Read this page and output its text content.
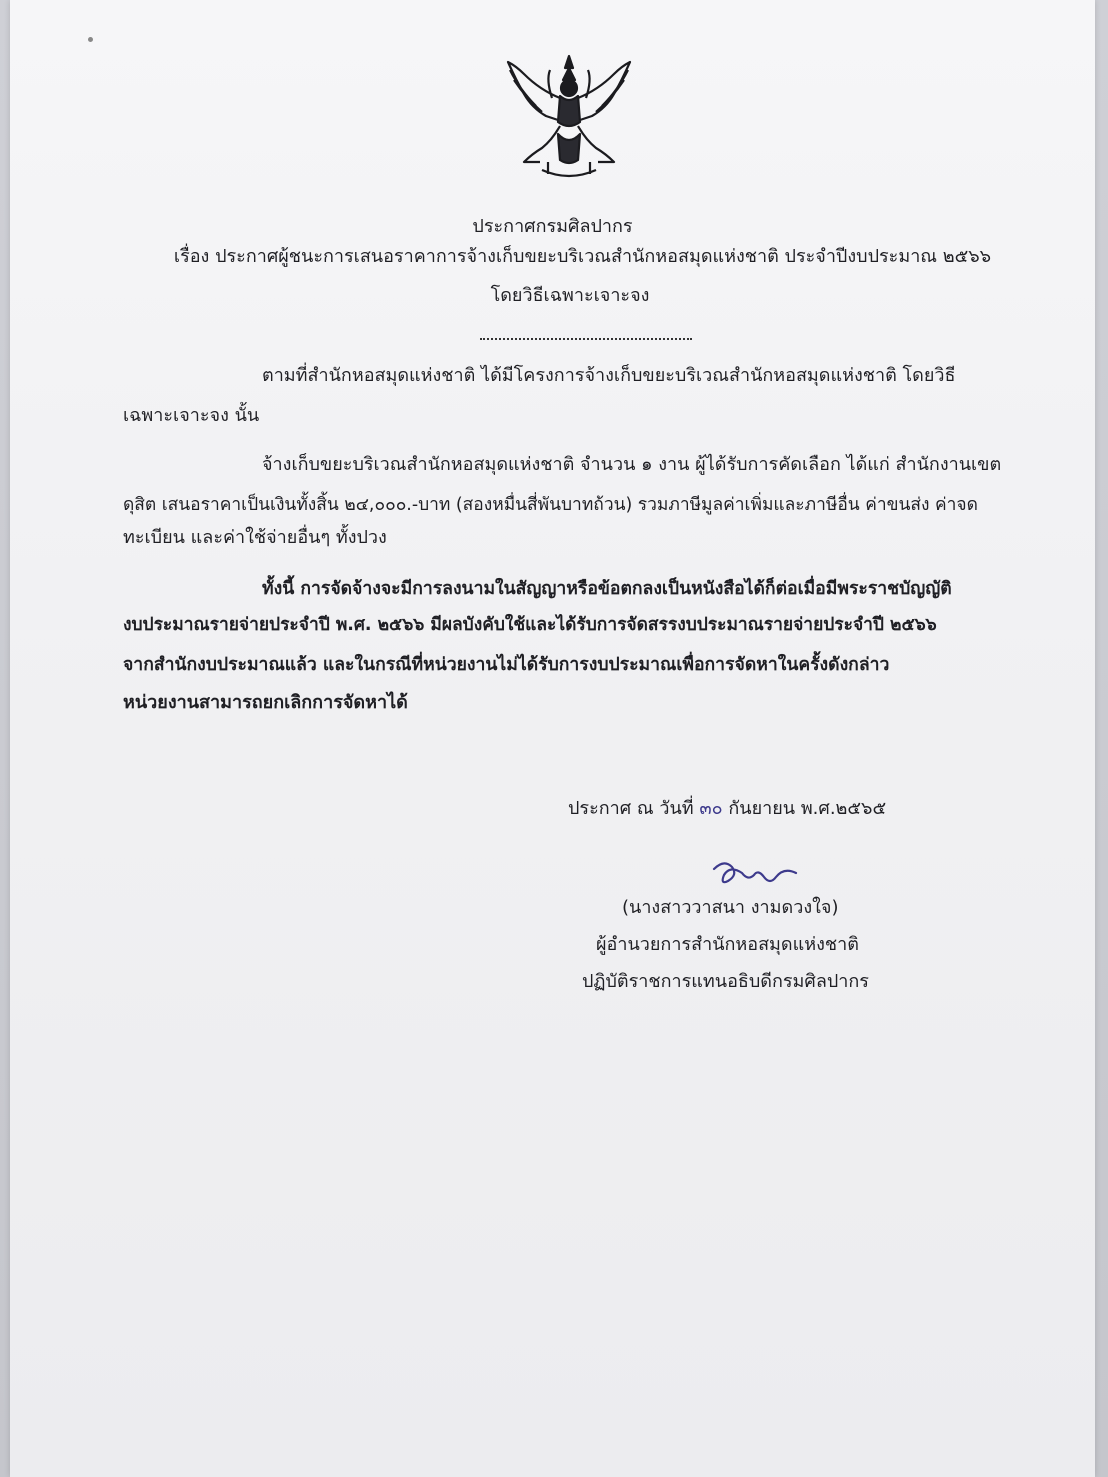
ประกาศกรมศิลปากร
เรื่อง ประกาศผู้ชนะการเสนอราคาการจ้างเก็บขยะบริเวณสำนักหอสมุดแห่งชาติ ประจำปีงบประมาณ ๒๕๖๖
โดยวิธีเฉพาะเจาะจง
ตามที่สำนักหอสมุดแห่งชาติ ได้มีโครงการจ้างเก็บขยะบริเวณสำนักหอสมุดแห่งชาติ โดยวิธี
เฉพาะเจาะจง นั้น
จ้างเก็บขยะบริเวณสำนักหอสมุดแห่งชาติ จำนวน ๑ งาน ผู้ได้รับการคัดเลือก ได้แก่ สำนักงานเขต
ดุสิต เสนอราคาเป็นเงินทั้งสิ้น ๒๔,๐๐๐.-บาท (สองหมื่นสี่พันบาทถ้วน) รวมภาษีมูลค่าเพิ่มและภาษีอื่น ค่าขนส่ง ค่าจด
ทะเบียน และค่าใช้จ่ายอื่นๆ ทั้งปวง
ทั้งนี้ การจัดจ้างจะมีการลงนามในสัญญาหรือข้อตกลงเป็นหนังสือได้ก็ต่อเมื่อมีพระราชบัญญัติ
งบประมาณรายจ่ายประจำปี พ.ศ. ๒๕๖๖ มีผลบังคับใช้และได้รับการจัดสรรงบประมาณรายจ่ายประจำปี ๒๕๖๖
จากสำนักงบประมาณแล้ว และในกรณีที่หน่วยงานไม่ได้รับการงบประมาณเพื่อการจัดหาในครั้งดังกล่าว
หน่วยงานสามารถยกเลิกการจัดหาได้
ประกาศ ณ วันที่ ๓๐ กันยายน พ.ศ.๒๕๖๕
(นางสาววาสนา งามดวงใจ)
ผู้อำนวยการสำนักหอสมุดแห่งชาติ
ปฏิบัติราชการแทนอธิบดีกรมศิลปากร
